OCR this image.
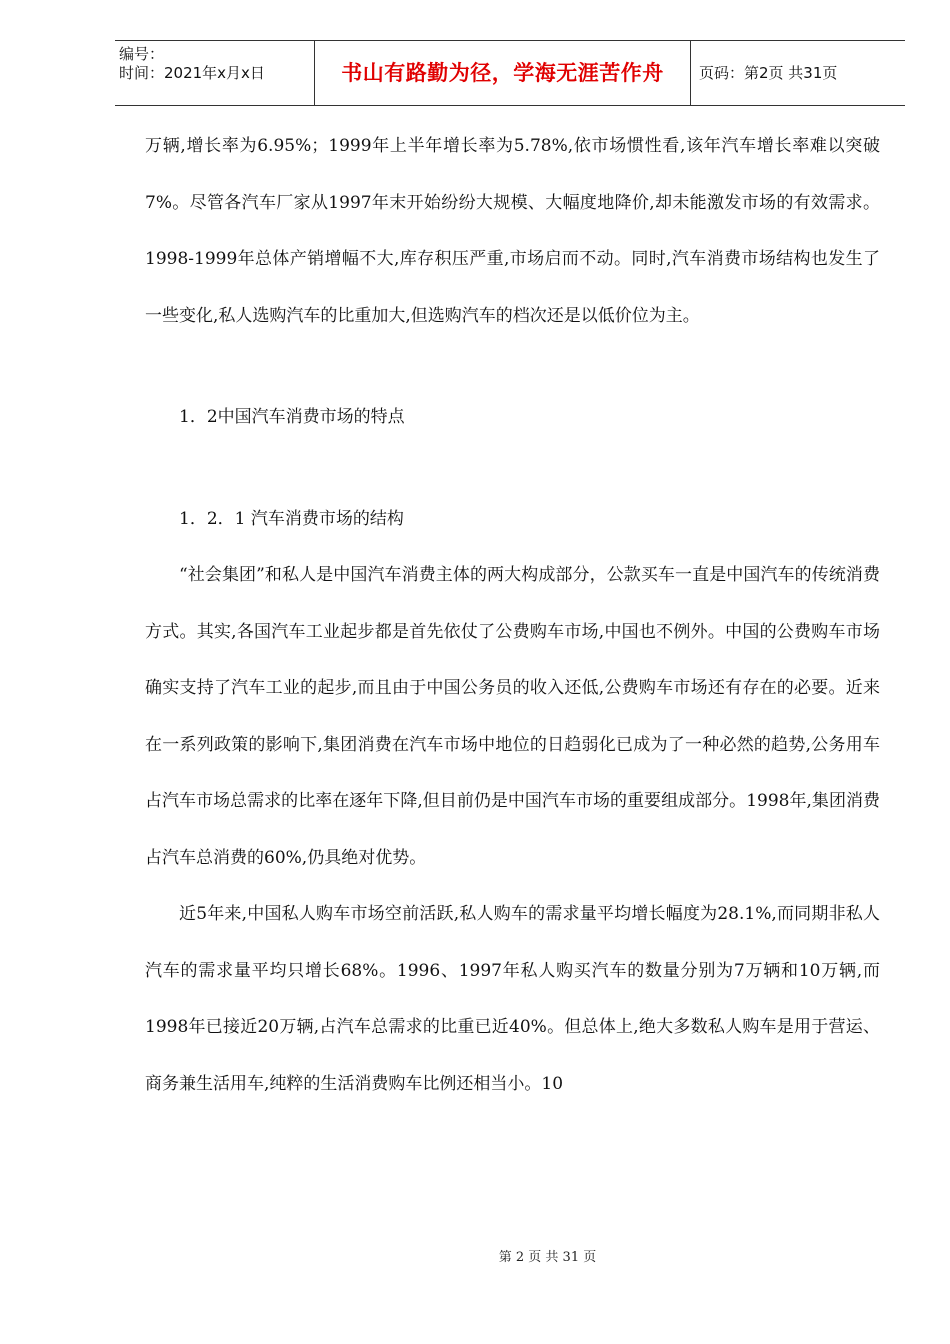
编号：
时间：2021年x月x日	书山有路勤为径，学海无涯苦作舟	页码：第2页 共31页

万辆,增长率为6.95%；1999年上半年增长率为5.78%,依市场惯性看,该年汽车增长率难以突破7%。尽管各汽车厂家从1997年末开始纷纷大规模、大幅度地降价,却未能激发市场的有效需求。1998-1999年总体产销增幅不大,库存积压严重,市场启而不动。同时,汽车消费市场结构也发生了一些变化,私人选购汽车的比重加大,但选购汽车的档次还是以低价位为主。

1．2中国汽车消费市场的特点

1．2．1 汽车消费市场的结构

“社会集团”和私人是中国汽车消费主体的两大构成部分，公款买车一直是中国汽车的传统消费方式。其实,各国汽车工业起步都是首先依仗了公费购车市场,中国也不例外。中国的公费购车市场确实支持了汽车工业的起步,而且由于中国公务员的收入还低,公费购车市场还有存在的必要。近来在一系列政策的影响下,集团消费在汽车市场中地位的日趋弱化已成为了一种必然的趋势,公务用车占汽车市场总需求的比率在逐年下降,但目前仍是中国汽车市场的重要组成部分。1998年,集团消费占汽车总消费的60%,仍具绝对优势。

近5年来,中国私人购车市场空前活跃,私人购车的需求量平均增长幅度为28.1%,而同期非私人汽车的需求量平均只增长68%。1996、1997年私人购买汽车的数量分别为7万辆和10万辆,而1998年已接近20万辆,占汽车总需求的比重已近40%。但总体上,绝大多数私人购车是用于营运、商务兼生活用车,纯粹的生活消费购车比例还相当小。10

第 2 页 共 31 页
